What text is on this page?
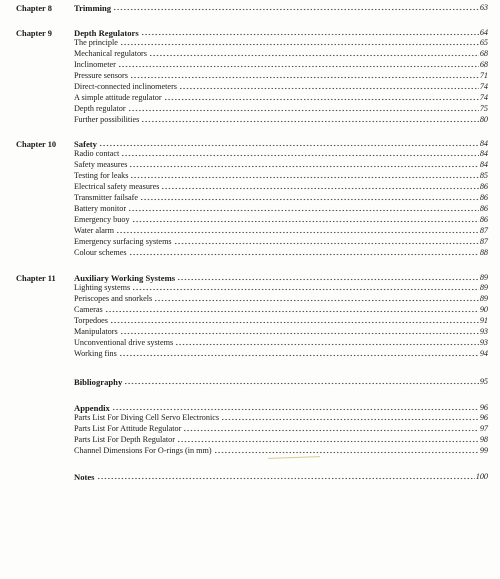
Chapter 8	Trimming	63
Chapter 9	Depth Regulators	64
The principle	65
Mechanical regulators	68
Inclinometer	68
Pressure sensors	71
Direct-connected inclinometers	74
A simple attitude regulator	74
Depth regulator	75
Further possibilities	80
Chapter 10 Safety	84
Radio contact	84
Safety measures	84
Testing for leaks	85
Electrical safety measures	86
Transmitter failsafe	86
Battery monitor	86
Emergency buoy	86
Water alarm	87
Emergency surfacing systems	87
Colour schemes	88
Chapter 11 Auxiliary Working Systems	89
Lighting systems	89
Periscopes and snorkels	89
Cameras	90
Torpedoes	91
Manipulators	93
Unconventional drive systems	93
Working fins	94
Bibliography	95
Appendix	96
Parts List For Diving Cell Servo Electronics	96
Parts List For Attitude Regulator	97
Parts List For Depth Regulator	98
Channel Dimensions For O-rings (in mm)	99
Notes	100
